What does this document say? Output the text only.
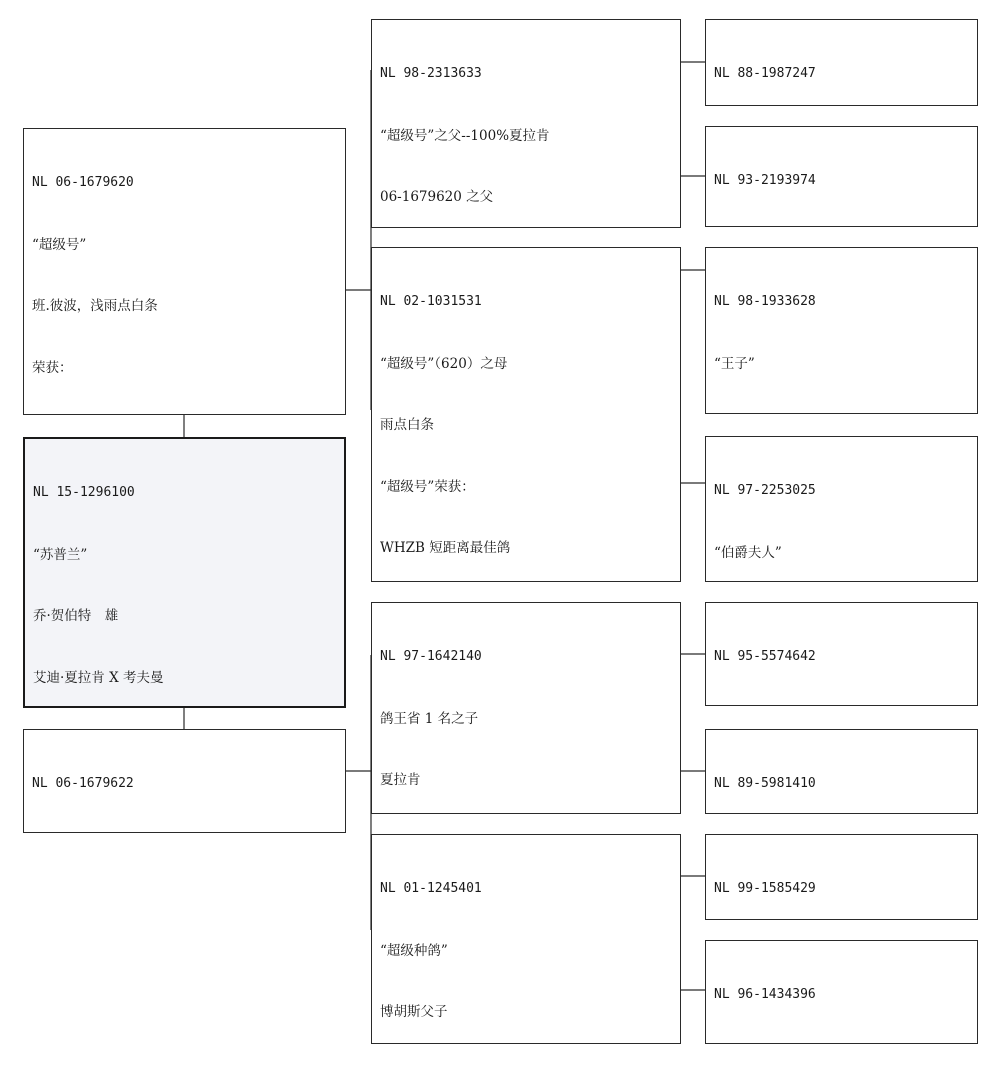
NL 06-1679620

“超级号”

班.彼波，浅雨点白条

荣获：

NL 15-1296100

“苏普兰”

乔·贺伯特　雄

艾迪·夏拉肯 X 考夫曼

NL 06-1679622

NL 98-2313633

“超级号”之父--100%夏拉肯

06-1679620 之父

NL 02-1031531

“超级号”（620）之母

雨点白条

“超级号”荣获：

WHZB 短距离最佳鸽

NL 97-1642140

鸽王省 1 名之子

夏拉肯

NL 01-1245401

“超级种鸽”

博胡斯父子

NL 88-1987247

NL 93-2193974

NL 98-1933628

“王子”

NL 97-2253025

“伯爵夫人”

NL 95-5574642

NL 89-5981410

NL 99-1585429

NL 96-1434396
